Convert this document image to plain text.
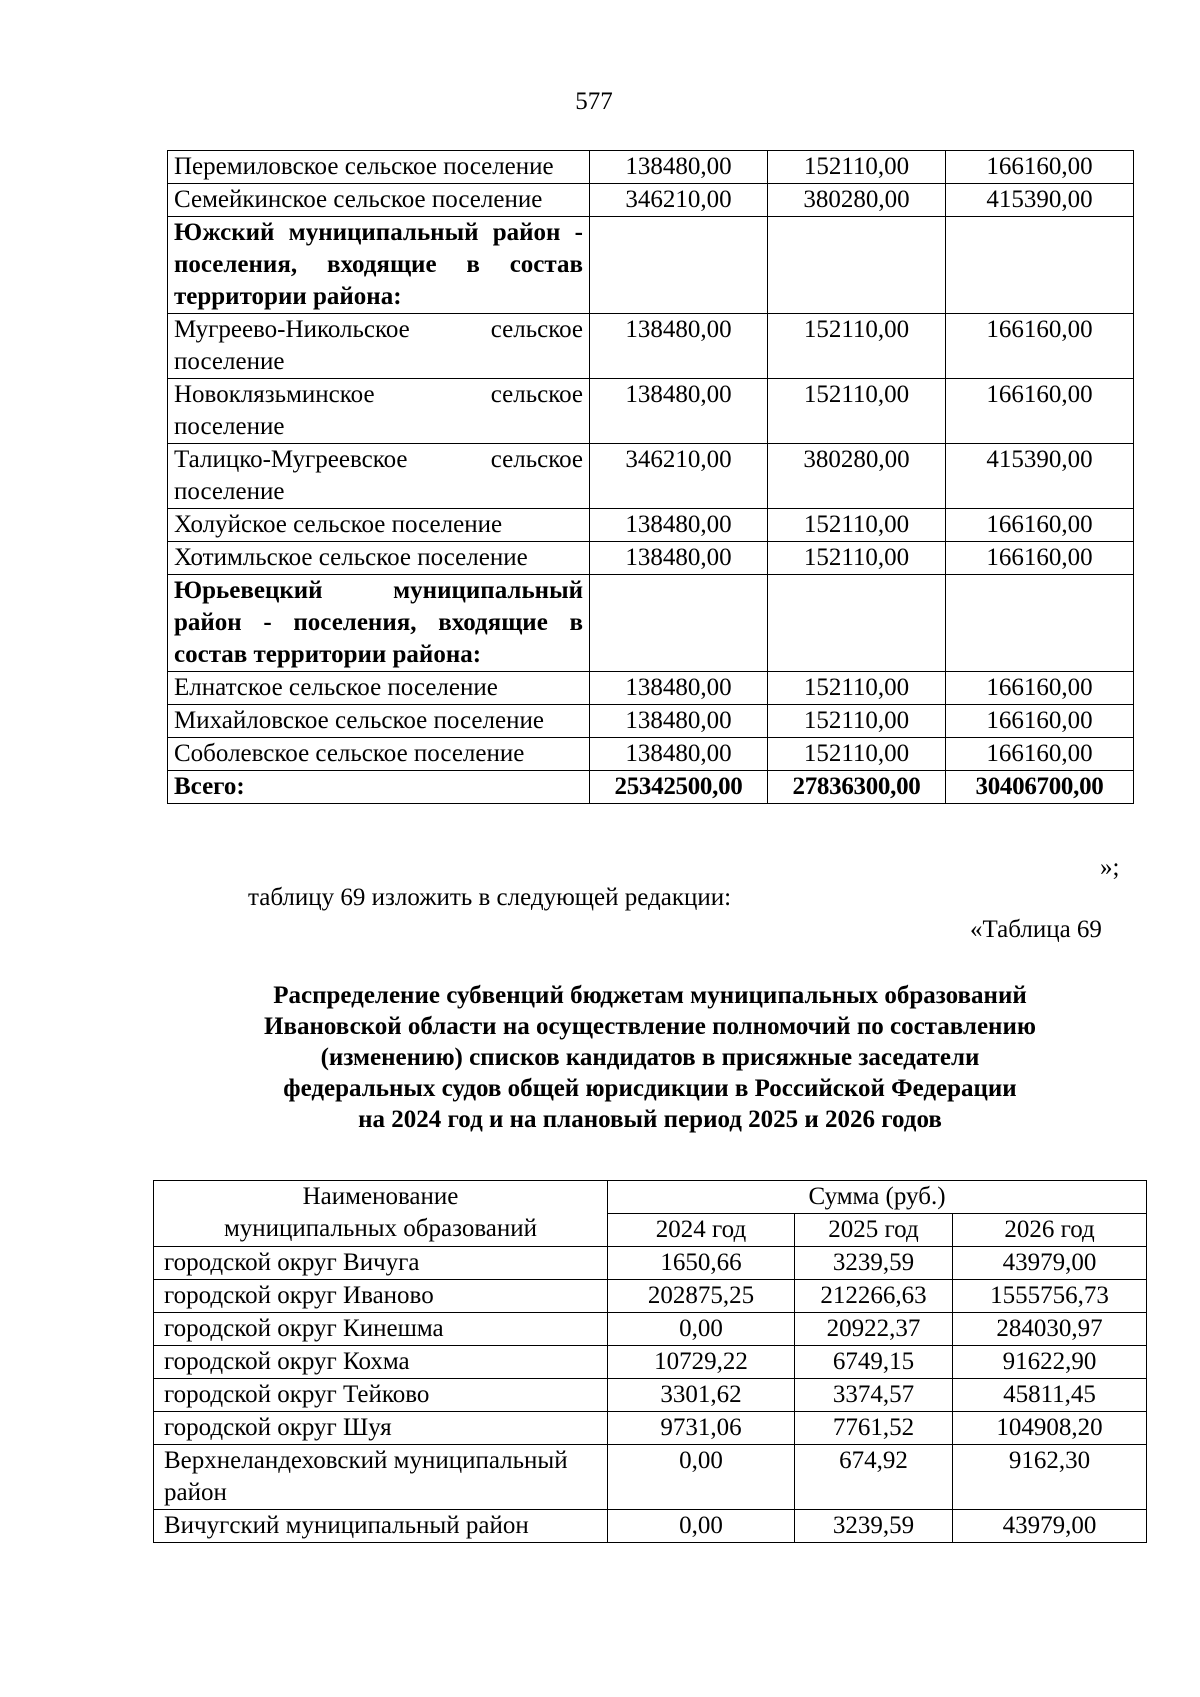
577
Перемиловское сельское поселение	138480,00	152110,00	166160,00
Семейкинское сельское поселение	346210,00	380280,00	415390,00
Южский муниципальный район - поселения, входящие в состав территории района:			
Мугреево-Никольское сельское поселение	138480,00	152110,00	166160,00
Новоклязьминское сельское поселение	138480,00	152110,00	166160,00
Талицко-Мугреевское сельское поселение	346210,00	380280,00	415390,00
Холуйское сельское поселение	138480,00	152110,00	166160,00
Хотимльское сельское поселение	138480,00	152110,00	166160,00
Юрьевецкий муниципальный район - поселения, входящие в состав территории района:			
Елнатское сельское поселение	138480,00	152110,00	166160,00
Михайловское сельское поселение	138480,00	152110,00	166160,00
Соболевское сельское поселение	138480,00	152110,00	166160,00
Всего:	25342500,00	27836300,00	30406700,00
»;
таблицу 69 изложить в следующей редакции:
«Таблица 69
Распределение субвенций бюджетам муниципальных образований
Ивановской области на осуществление полномочий по составлению
(изменению) списков кандидатов в присяжные заседатели
федеральных судов общей юрисдикции в Российской Федерации
на 2024 год и на плановый период 2025 и 2026 годов
Наименование
муниципальных образований	Сумма (руб.)		
	2024 год	2025 год	2026 год
городской округ Вичуга	1650,66	3239,59	43979,00
городской округ Иваново	202875,25	212266,63	1555756,73
городской округ Кинешма	0,00	20922,37	284030,97
городской округ Кохма	10729,22	6749,15	91622,90
городской округ Тейково	3301,62	3374,57	45811,45
городской округ Шуя	9731,06	7761,52	104908,20
Верхнеландеховский муниципальный район	0,00	674,92	9162,30
Вичугский муниципальный район	0,00	3239,59	43979,00
